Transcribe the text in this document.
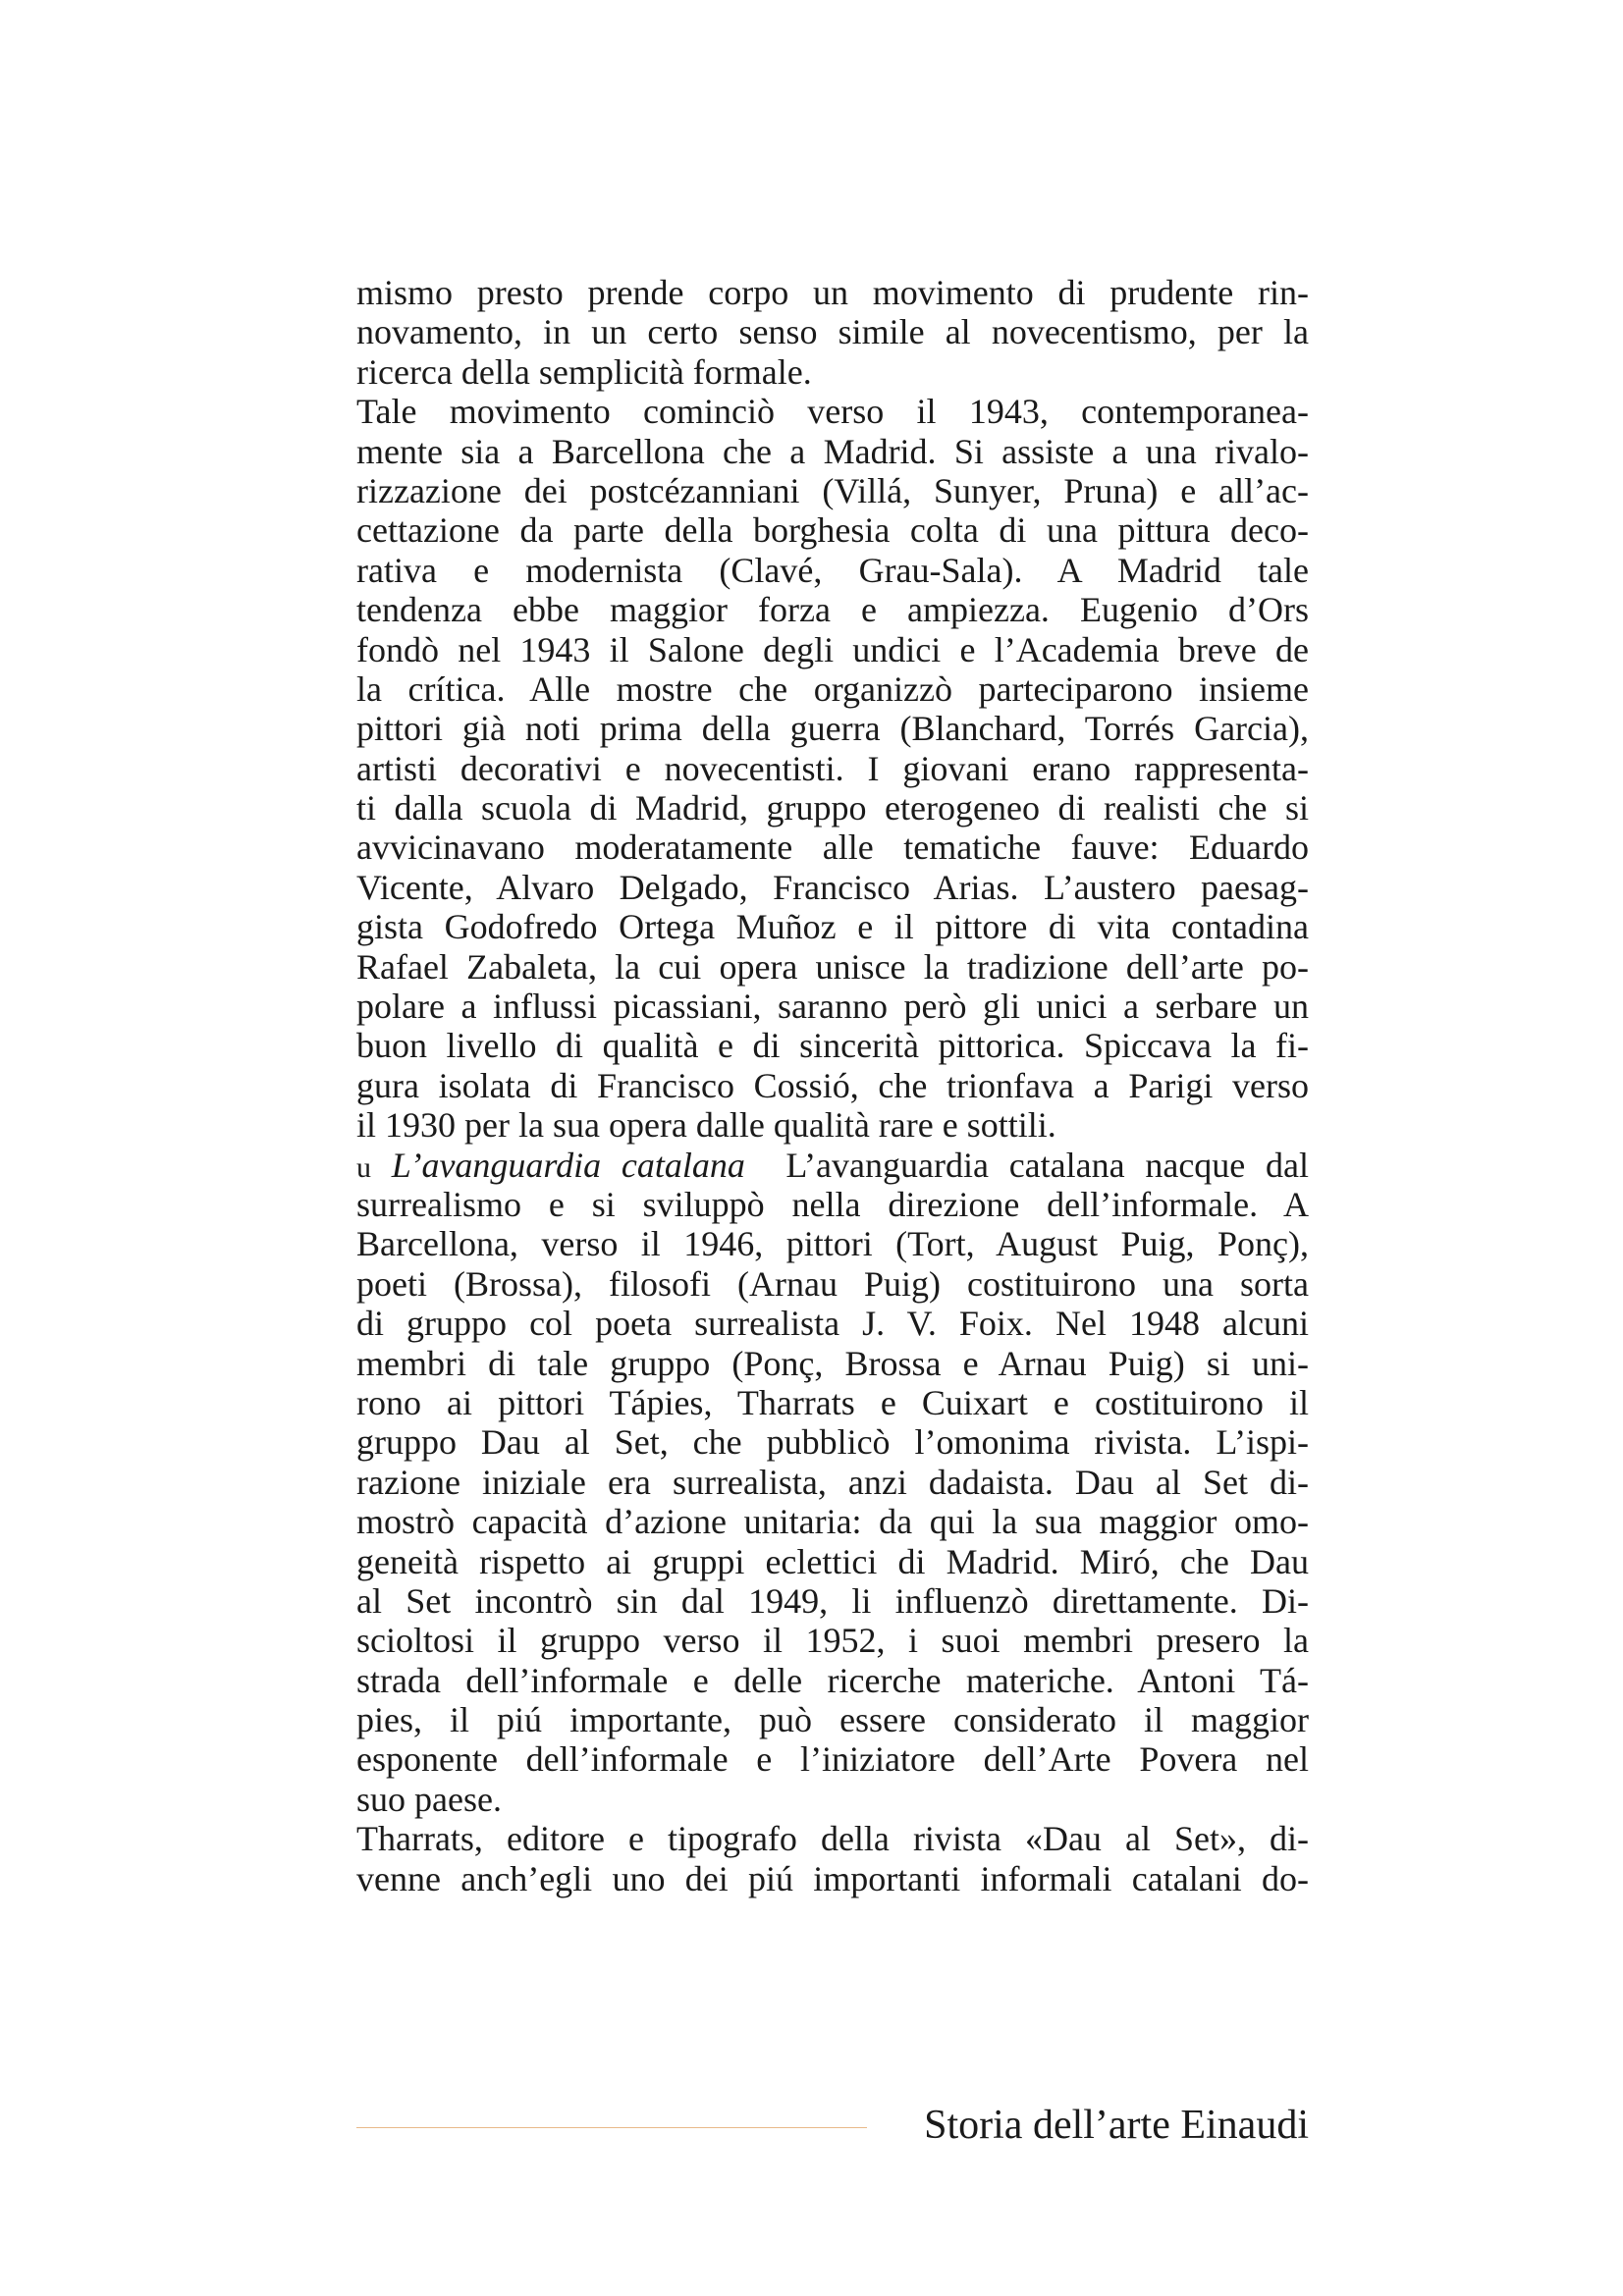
mismo presto prende corpo un movimento di prudente rin-
novamento, in un certo senso simile al novecentismo, per la
ricerca della semplicità formale.
Tale movimento cominciò verso il 1943, contemporanea-
mente sia a Barcellona che a Madrid. Si assiste a una rivalo-
rizzazione dei postcézanniani (Villá, Sunyer, Pruna) e all’ac-
cettazione da parte della borghesia colta di una pittura deco-
rativa e modernista (Clavé, Grau-Sala). A Madrid tale
tendenza ebbe maggior forza e ampiezza. Eugenio d’Ors
fondò nel 1943 il Salone degli undici e l’Academia breve de
la crítica. Alle mostre che organizzò parteciparono insieme
pittori già noti prima della guerra (Blanchard, Torrés Garcia),
artisti decorativi e novecentisti. I giovani erano rappresenta-
ti dalla scuola di Madrid, gruppo eterogeneo di realisti che si
avvicinavano moderatamente alle tematiche fauve: Eduardo
Vicente, Alvaro Delgado, Francisco Arias. L’austero paesag-
gista Godofredo Ortega Muñoz e il pittore di vita contadina
Rafael Zabaleta, la cui opera unisce la tradizione dell’arte po-
polare a influssi picassiani, saranno però gli unici a serbare un
buon livello di qualità e di sincerità pittorica. Spiccava la fi-
gura isolata di Francisco Cossió, che trionfava a Parigi verso
il 1930 per la sua opera dalle qualità rare e sottili.
u L’avanguardia catalana L’avanguardia catalana nacque dal
surrealismo e si sviluppò nella direzione dell’informale. A
Barcellona, verso il 1946, pittori (Tort, August Puig, Ponç),
poeti (Brossa), filosofi (Arnau Puig) costituirono una sorta
di gruppo col poeta surrealista J. V. Foix. Nel 1948 alcuni
membri di tale gruppo (Ponç, Brossa e Arnau Puig) si uni-
rono ai pittori Tápies, Tharrats e Cuixart e costituirono il
gruppo Dau al Set, che pubblicò l’omonima rivista. L’ispi-
razione iniziale era surrealista, anzi dadaista. Dau al Set di-
mostrò capacità d’azione unitaria: da qui la sua maggior omo-
geneità rispetto ai gruppi eclettici di Madrid. Miró, che Dau
al Set incontrò sin dal 1949, li influenzò direttamente. Di-
scioltosi il gruppo verso il 1952, i suoi membri presero la
strada dell’informale e delle ricerche materiche. Antoni Tá-
pies, il piú importante, può essere considerato il maggior
esponente dell’informale e l’iniziatore dell’Arte Povera nel
suo paese.
Tharrats, editore e tipografo della rivista «Dau al Set», di-
venne anch’egli uno dei piú importanti informali catalani do-
Storia dell’arte Einaudi
